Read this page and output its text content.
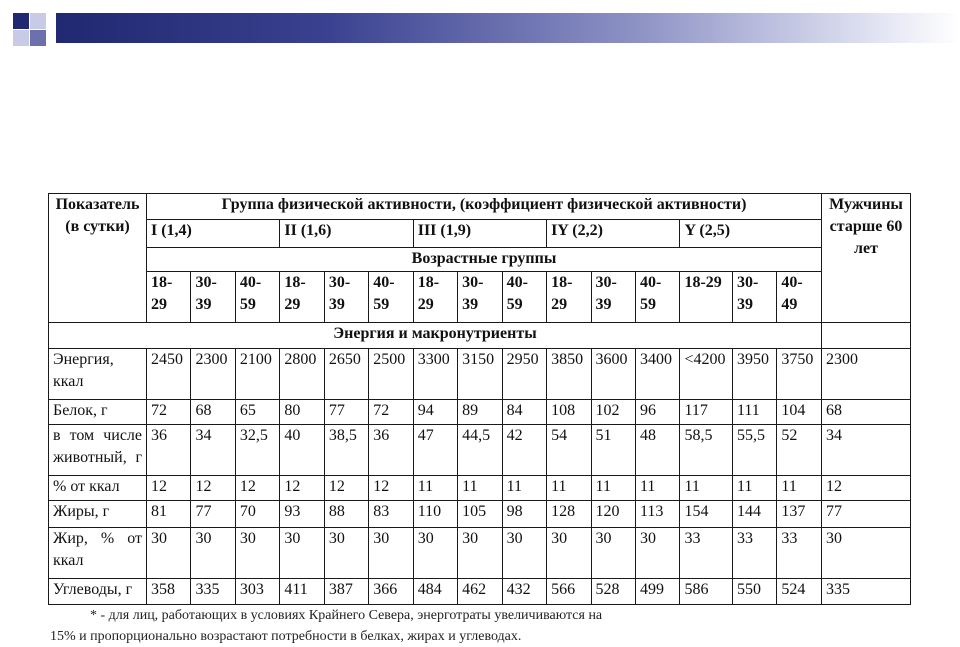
Показатель (в сутки)	Группа физической активности, (коэффициент физической активности)															Мужчины старше 60 лет
	I (1,4)			II (1,6)			III (1,9)			IY (2,2)			Y (2,5)			
	Возрастные группы															
	18-29	30-39	40-59	18-29	30-39	40-59	18-29	30-39	40-59	18-29	30-39	40-59	18-29	30-39	40-49	
Энергия и макронутриенты																
Энергия, ккал	2450	2300	2100	2800	2650	2500	3300	3150	2950	3850	3600	3400	<4200	3950	3750	2300
Белок, г	72	68	65	80	77	72	94	89	84	108	102	96	117	111	104	68
в том числе животный, г	36	34	32,5	40	38,5	36	47	44,5	42	54	51	48	58,5	55,5	52	34
% от ккал	12	12	12	12	12	12	11	11	11	11	11	11	11	11	11	12
Жиры, г	81	77	70	93	88	83	110	105	98	128	120	113	154	144	137	77
Жир, % от ккал	30	30	30	30	30	30	30	30	30	30	30	30	33	33	33	30
Углеводы, г	358	335	303	411	387	366	484	462	432	566	528	499	586	550	524	335
* - для лиц, работающих в условиях Крайнего Севера, энерготраты увеличиваются на
15% и пропорционально возрастают потребности в белках, жирах и углеводах.
